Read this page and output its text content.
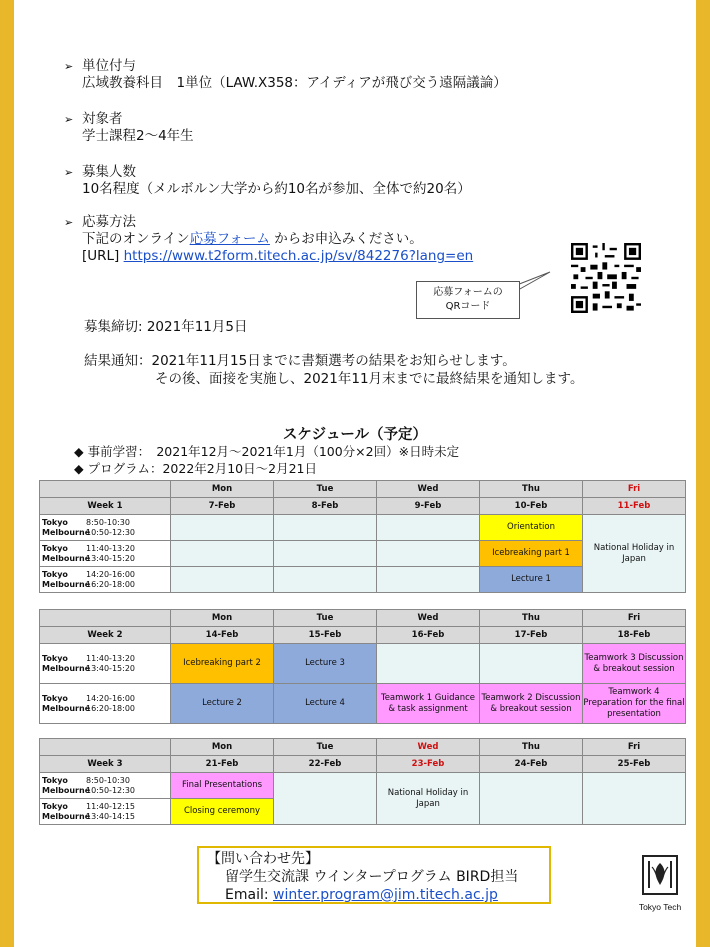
➢ 単位付与
広域教養科目　1単位（LAW.X358：アイディアが飛び交う遠隔議論）
➢ 対象者
学士課程2～4年生
➢ 募集人数
10名程度（メルボルン大学から約10名が参加、全体で約20名）
➢ 応募方法
下記のオンライン応募フォーム からお申込みください。
[URL] https://www.t2form.titech.ac.jp/sv/842276?lang=en
応募フォームの
QRコード
募集締切: 2021年11月5日
結果通知：2021年11月15日までに書類選考の結果をお知らせします。
その後、面接を実施し、2021年11月末までに最終結果を通知します。
スケジュール（予定）
◆ 事前学習：　2021年12月～2021年1月（100分×2回）※日時未定
◆ プログラム：2022年2月10日～2月21日
	Mon	Tue	Wed	Thu	Fri
Week 1	7-Feb	8-Feb	9-Feb	10-Feb	11-Feb
Tokyo 8:50-10:30
Melbourne10:50-12:30				Orientation	National Holiday in Japan
Tokyo 11:40-13:20
Melbourne13:40-15:20				Icebreaking part 1	
Tokyo 14:20-16:00
Melbourne16:20-18:00				Lecture 1	
	Mon	Tue	Wed	Thu	Fri
Week 2	14-Feb	15-Feb	16-Feb	17-Feb	18-Feb
Tokyo 11:40-13:20
Melbourne13:40-15:20	Icebreaking part 2	Lecture 3			Teamwork 3 Discussion & breakout session
Tokyo 14:20-16:00
Melbourne16:20-18:00	Lecture 2	Lecture 4	Teamwork 1 Guidance & task assignment	Teamwork 2 Discussion & breakout session	Teamwork 4 Preparation for the final presentation
	Mon	Tue	Wed	Thu	Fri
Week 3	21-Feb	22-Feb	23-Feb	24-Feb	25-Feb
Tokyo 8:50-10:30
Melbourne10:50-12:30	Final Presentations		National Holiday in Japan		
Tokyo 11:40-12:15
Melbourne13:40-14:15	Closing ceremony				
【問い合わせ先】
留学生交流課 ウインタープログラム BIRD担当
Email: winter.program@jim.titech.ac.jp
Tokyo Tech
